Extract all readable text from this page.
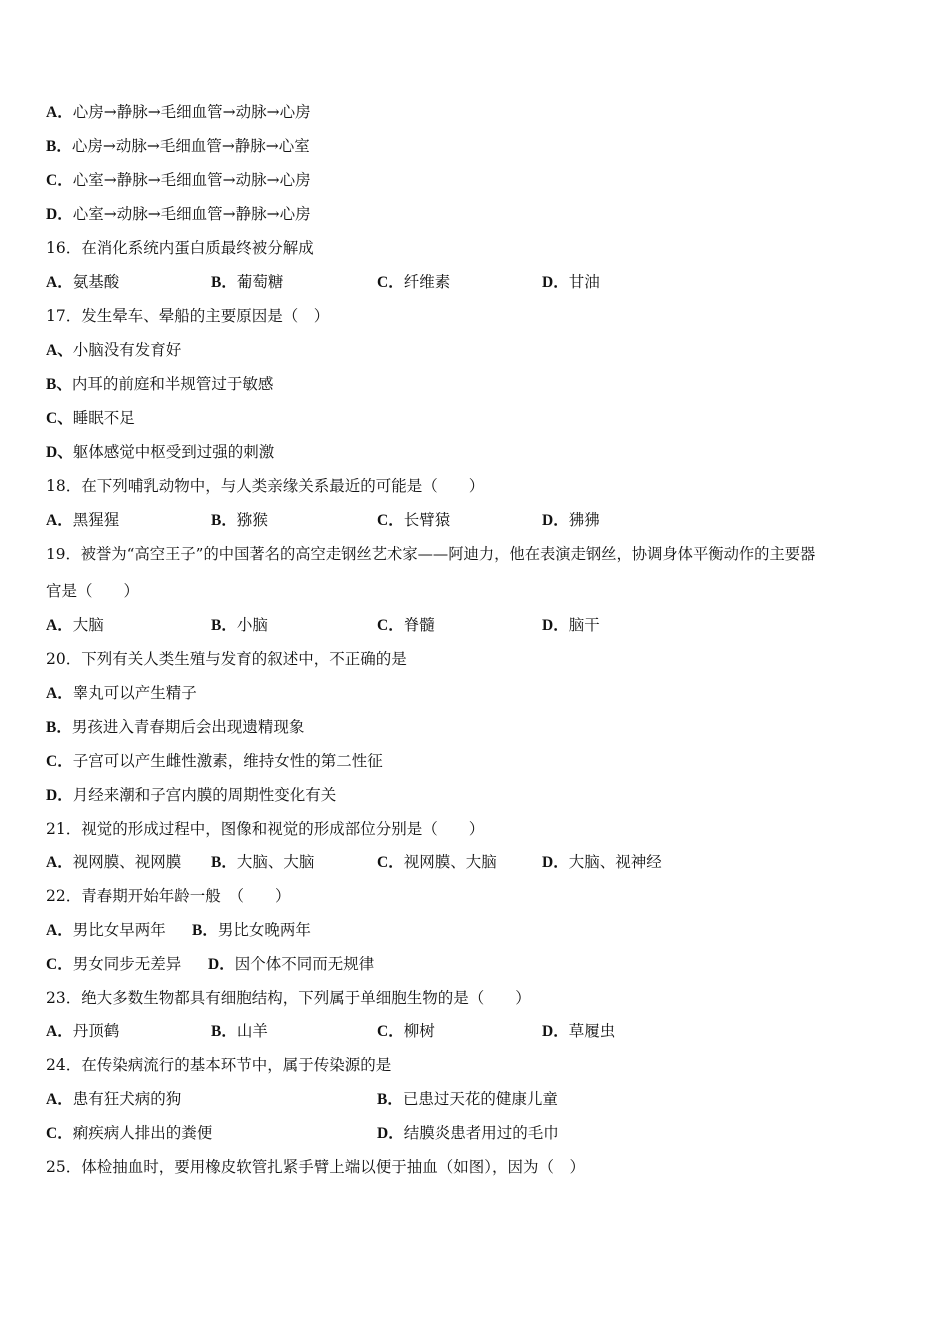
A．心房→静脉→毛细血管→动脉→心房
B．心房→动脉→毛细血管→静脉→心室
C．心室→静脉→毛细血管→动脉→心房
D．心室→动脉→毛细血管→静脉→心房
16．在消化系统内蛋白质最终被分解成
A．氨基酸	B．葡萄糖	C．纤维素	D．甘油
17．发生晕车、晕船的主要原因是（　）
A、小脑没有发育好
B、内耳的前庭和半规管过于敏感
C、睡眠不足
D、躯体感觉中枢受到过强的刺激
18．在下列哺乳动物中，与人类亲缘关系最近的可能是（　　）
A．黑猩猩	B．猕猴	C．长臂猿	D．狒狒
19．被誉为“高空王子”的中国著名的高空走钢丝艺术家——阿迪力，他在表演走钢丝，协调身体平衡动作的主要器
官是（　　）
A．大脑	B．小脑	C．脊髓	D．脑干
20．下列有关人类生殖与发育的叙述中，不正确的是
A．睾丸可以产生精子
B．男孩进入青春期后会出现遗精现象
C．子宫可以产生雌性激素，维持女性的第二性征
D．月经来潮和子宫内膜的周期性变化有关
21．视觉的形成过程中，图像和视觉的形成部位分别是（　　）
A．视网膜、视网膜 B．大脑、大脑	C．视网膜、大脑	D．大脑、视神经
22．青春期开始年龄一般　（　　）
A．男比女早两年 B．男比女晚两年
C．男女同步无差异 D．因个体不同而无规律
23．绝大多数生物都具有细胞结构，下列属于单细胞生物的是（　　）
A．丹顶鹤	B．山羊	C．柳树	D．草履虫
24．在传染病流行的基本环节中，属于传染源的是
A．患有狂犬病的狗	B．已患过天花的健康儿童
C．痢疾病人排出的粪便	D．结膜炎患者用过的毛巾
25．体检抽血时，要用橡皮软管扎紧手臂上端以便于抽血（如图），因为（　）
